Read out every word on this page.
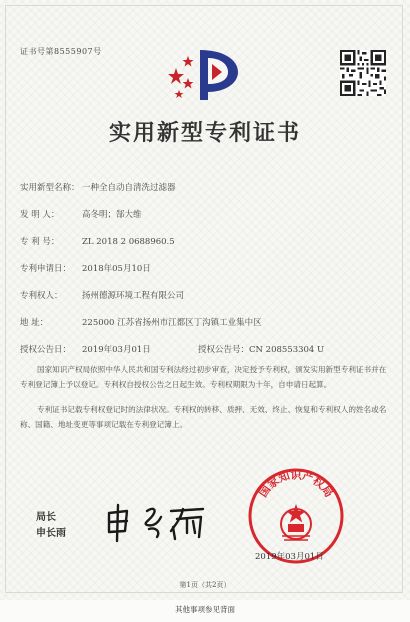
证书号第8555907号
实用新型专利证书
实用新型名称： 一种全自动自清洗过滤器
发 明 人：	高冬明；郜大维
专 利 号：	ZL 2018 2 0688960.5
专利申请日： 2018年05月10日
专利权人： 扬州德源环境工程有限公司
地 址：	225000 江苏省扬州市江都区丁沟镇工业集中区
授权公告日： 2019年03月01日	授权公告号：CN 208553304 U
国家知识产权局依照中华人民共和国专利法经过初步审查，决定授予专利权，颁发实用新型专利证书并在专利登记簿上予以登记。专利权自授权公告之日起生效。专利权期限为十年，自申请日起算。
专利证书记载专利权登记时的法律状况。专利权的转移、质押、无效、终止、恢复和专利权人的姓名或名称、国籍、地址变更等事项记载在专利登记簿上。
局长
申长雨
国家知识产权局
2019年03月01日
第1页（共2页）
其他事项参见背面
